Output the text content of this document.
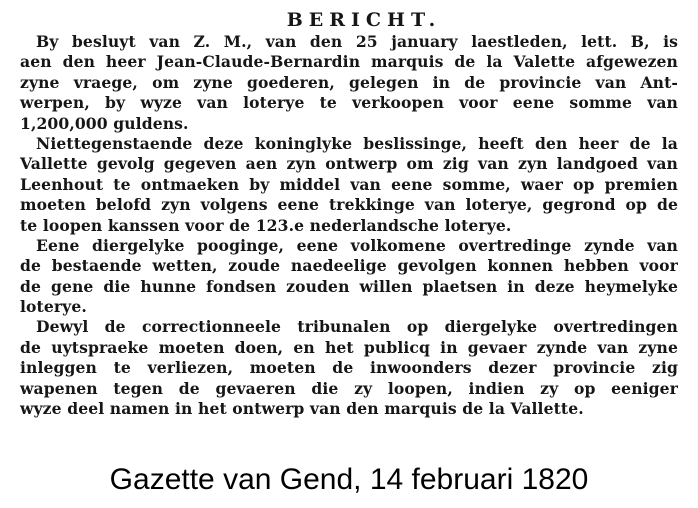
BERICHT.
By besluyt van Z. M., van den 25 january laestleden, lett. B, is
aen den heer Jean-Claude-Bernardin marquis de la Valette afgewezen
zyne vraege, om zyne goederen, gelegen in de provincie van Ant-
werpen, by wyze van loterye te verkoopen voor eene somme van
1,200,000 guldens.
Niettegenstaende deze koninglyke beslissinge, heeft den heer de la
Vallette gevolg gegeven aen zyn ontwerp om zig van zyn landgoed van
Leenhout te ontmaeken by middel van eene somme, waer op premien
moeten belofd zyn volgens eene trekkinge van loterye, gegrond op de
te loopen kanssen voor de 123.e nederlandsche loterye.
Eene diergelyke pooginge, eene volkomene overtredinge zynde van
de bestaende wetten, zoude naedeelige gevolgen konnen hebben voor
de gene die hunne fondsen zouden willen plaetsen in deze heymelyke
loterye.
Dewyl de correctionneele tribunalen op diergelyke overtredingen
de uytspraeke moeten doen, en het publicq in gevaer zynde van zyne
inleggen te verliezen, moeten de inwoonders dezer provincie zig
wapenen tegen de gevaeren die zy loopen, indien zy op eeniger
wyze deel namen in het ontwerp van den marquis de la Vallette.
Gazette van Gend, 14 februari 1820
